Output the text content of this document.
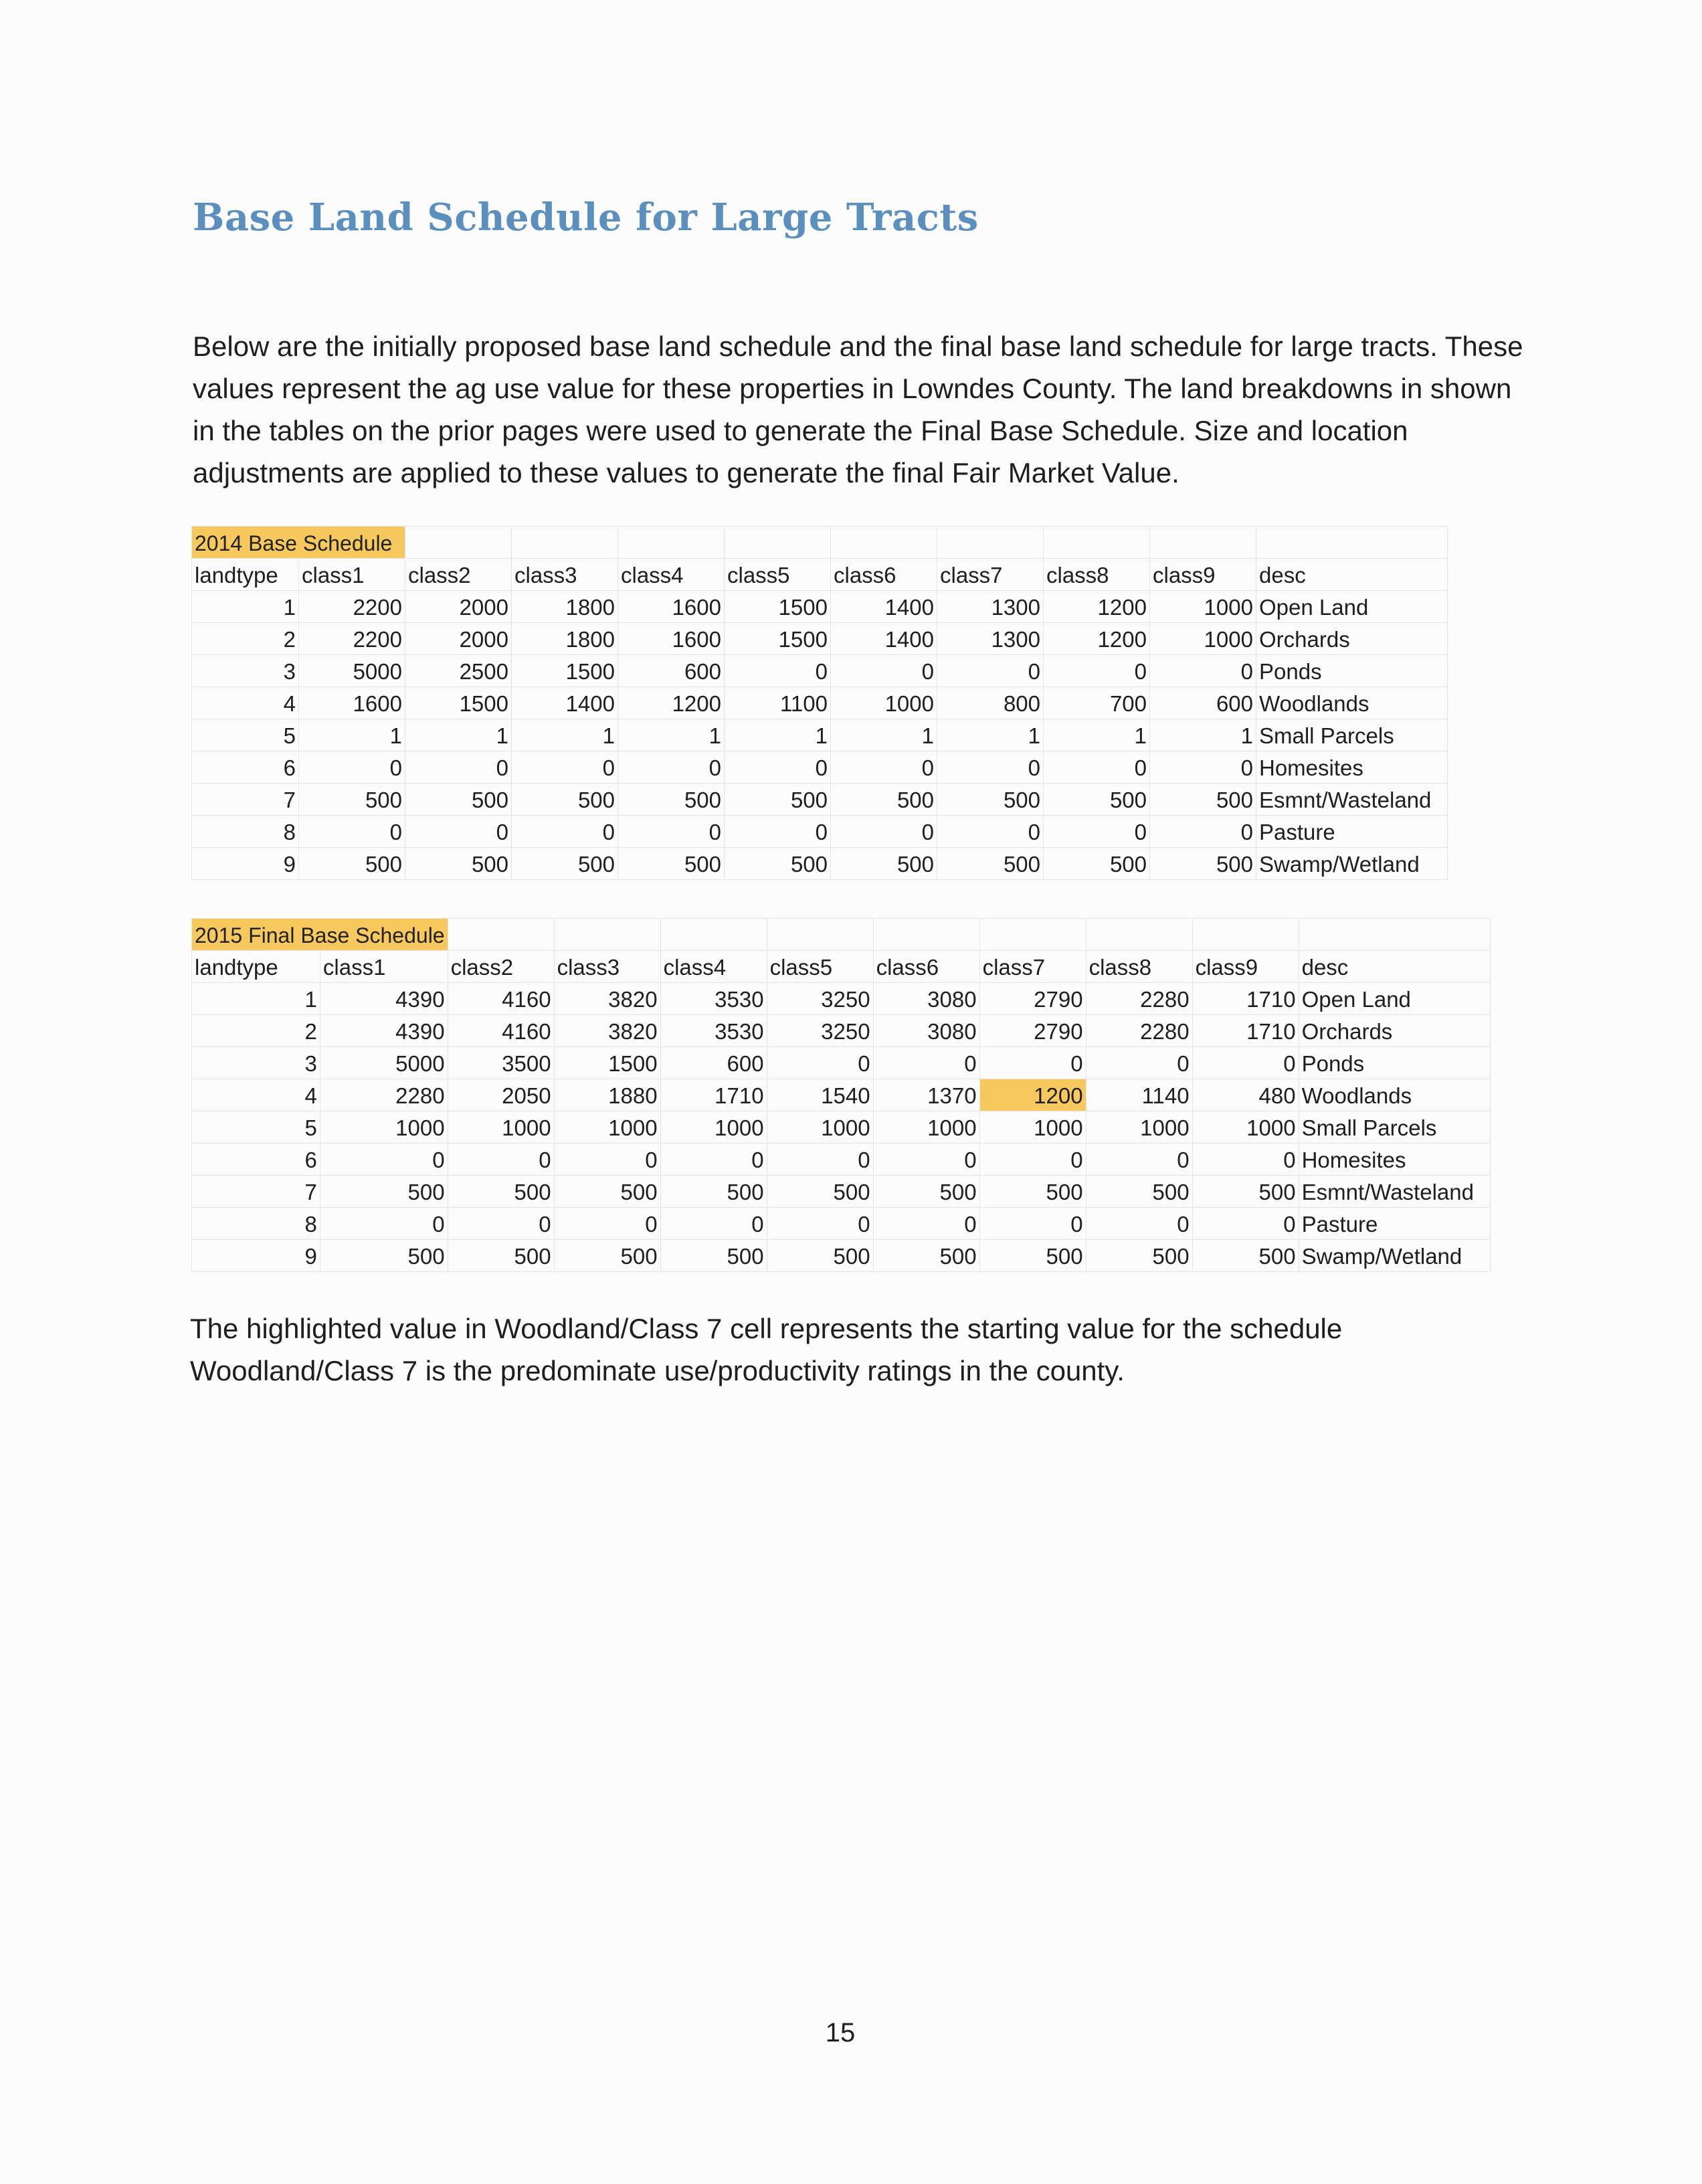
Base Land Schedule for Large Tracts

Below are the initially proposed base land schedule and the final base land schedule for large tracts. These values represent the ag use value for these properties in Lowndes County. The land breakdowns in shown in the tables on the prior pages were used to generate the Final Base Schedule. Size and location adjustments are applied to these values to generate the final Fair Market Value.

2014 Base Schedule										
landtype	class1	class2	class3	class4	class5	class6	class7	class8	class9	desc
1	2200	2000	1800	1600	1500	1400	1300	1200	1000	Open Land
2	2200	2000	1800	1600	1500	1400	1300	1200	1000	Orchards
3	5000	2500	1500	600	0	0	0	0	0	Ponds
4	1600	1500	1400	1200	1100	1000	800	700	600	Woodlands
5	1	1	1	1	1	1	1	1	1	Small Parcels
6	0	0	0	0	0	0	0	0	0	Homesites
7	500	500	500	500	500	500	500	500	500	Esmnt/Wasteland
8	0	0	0	0	0	0	0	0	0	Pasture
9	500	500	500	500	500	500	500	500	500	Swamp/Wetland
2015 Final Base Schedule										
landtype	class1	class2	class3	class4	class5	class6	class7	class8	class9	desc
1	4390	4160	3820	3530	3250	3080	2790	2280	1710	Open Land
2	4390	4160	3820	3530	3250	3080	2790	2280	1710	Orchards
3	5000	3500	1500	600	0	0	0	0	0	Ponds
4	2280	2050	1880	1710	1540	1370	1200	1140	480	Woodlands
5	1000	1000	1000	1000	1000	1000	1000	1000	1000	Small Parcels
6	0	0	0	0	0	0	0	0	0	Homesites
7	500	500	500	500	500	500	500	500	500	Esmnt/Wasteland
8	0	0	0	0	0	0	0	0	0	Pasture
9	500	500	500	500	500	500	500	500	500	Swamp/Wetland

The highlighted value in Woodland/Class 7 cell represents the starting value for the schedule Woodland/Class 7 is the predominate use/productivity ratings in the county.

15
